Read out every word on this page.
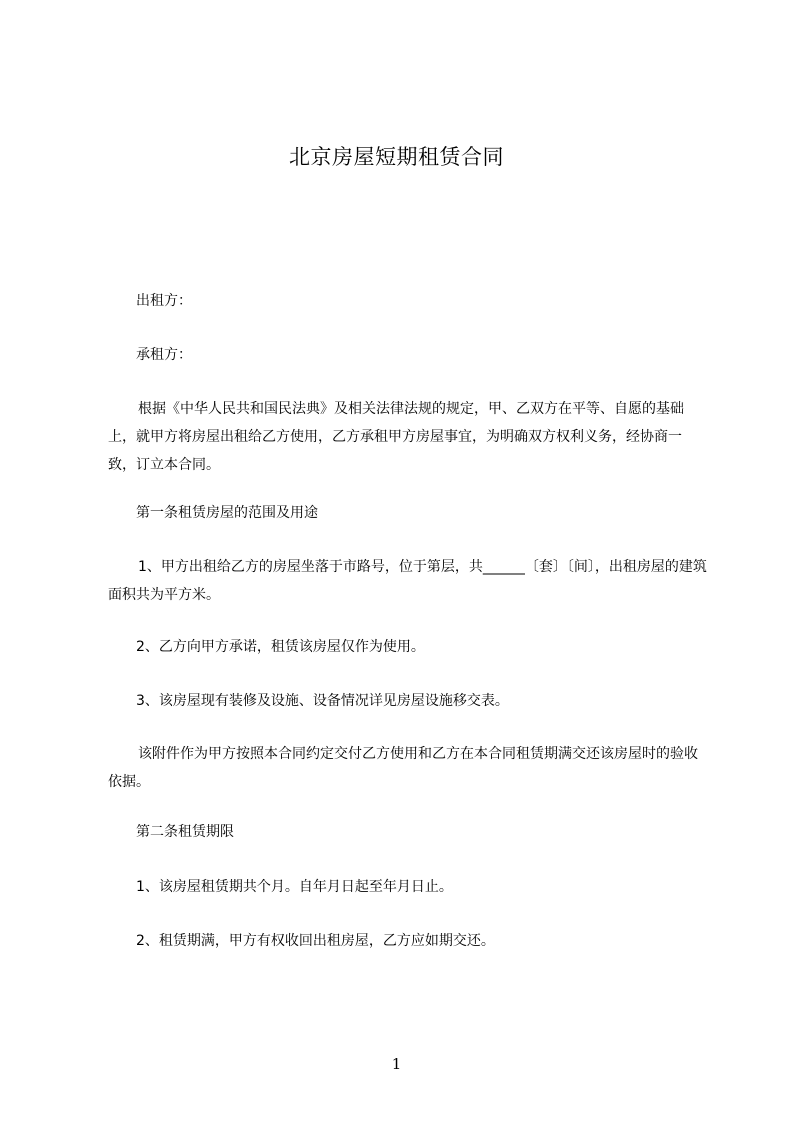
北京房屋短期租赁合同

出租方：

承租方：

根据《中华人民共和国民法典》及相关法律法规的规定，甲、乙双方在平等、自愿的基础上，就甲方将房屋出租给乙方使用，乙方承租甲方房屋事宜，为明确双方权利义务，经协商一致，订立本合同。

第一条租赁房屋的范围及用途

1、甲方出租给乙方的房屋坐落于市路号，位于第层，共______〔套〕〔间〕，出租房屋的建筑面积共为平方米。

2、乙方向甲方承诺，租赁该房屋仅作为使用。

3、该房屋现有装修及设施、设备情况详见房屋设施移交表。

该附件作为甲方按照本合同约定交付乙方使用和乙方在本合同租赁期满交还该房屋时的验收依据。

第二条租赁期限

1、该房屋租赁期共个月。自年月日起至年月日止。

2、租赁期满，甲方有权收回出租房屋，乙方应如期交还。

1
